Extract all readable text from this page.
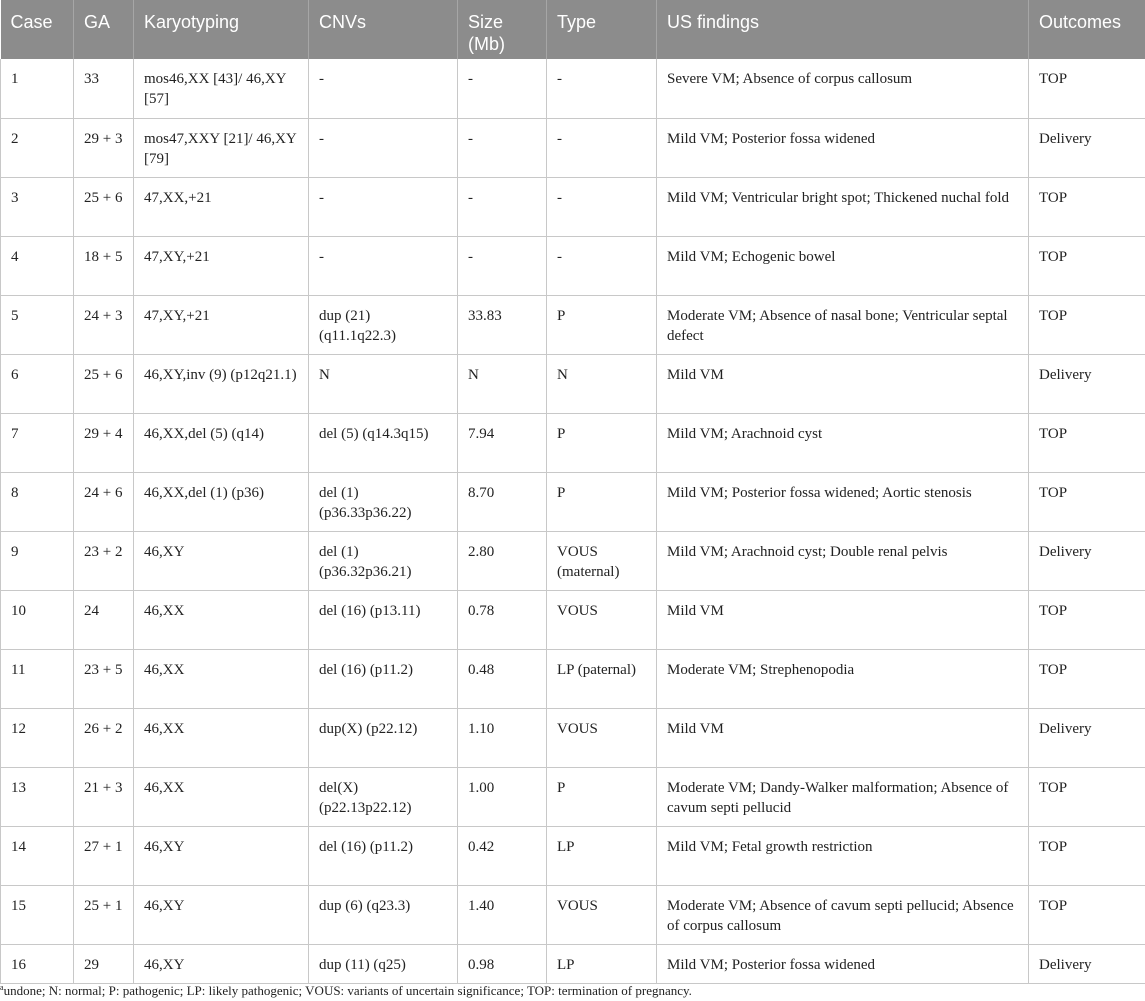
Case	GA	Karyotyping	CNVs	Size (Mb)	Type	US findings	Outcomes
1	33	mos46,XX [43]/ 46,XY [57]	-	-	-	Severe VM; Absence of corpus callosum	TOP
2	29 + 3	mos47,XXY [21]/ 46,XY [79]	-	-	-	Mild VM; Posterior fossa widened	Delivery
3	25 + 6	47,XX,+21	-	-	-	Mild VM; Ventricular bright spot; Thickened nuchal fold	TOP
4	18 + 5	47,XY,+21	-	-	-	Mild VM; Echogenic bowel	TOP
5	24 + 3	47,XY,+21	dup (21) (q11.1q22.3)	33.83	P	Moderate VM; Absence of nasal bone; Ventricular septal defect	TOP
6	25 + 6	46,XY,inv (9) (p12q21.1)	N	N	N	Mild VM	Delivery
7	29 + 4	46,XX,del (5) (q14)	del (5) (q14.3q15)	7.94	P	Mild VM; Arachnoid cyst	TOP
8	24 + 6	46,XX,del (1) (p36)	del (1) (p36.33p36.22)	8.70	P	Mild VM; Posterior fossa widened; Aortic stenosis	TOP
9	23 + 2	46,XY	del (1) (p36.32p36.21)	2.80	VOUS (maternal)	Mild VM; Arachnoid cyst; Double renal pelvis	Delivery
10	24	46,XX	del (16) (p13.11)	0.78	VOUS	Mild VM	TOP
11	23 + 5	46,XX	del (16) (p11.2)	0.48	LP (paternal)	Moderate VM; Strephenopodia	TOP
12	26 + 2	46,XX	dup(X) (p22.12)	1.10	VOUS	Mild VM	Delivery
13	21 + 3	46,XX	del(X) (p22.13p22.12)	1.00	P	Moderate VM; Dandy-Walker malformation; Absence of cavum septi pellucid	TOP
14	27 + 1	46,XY	del (16) (p11.2)	0.42	LP	Mild VM; Fetal growth restriction	TOP
15	25 + 1	46,XY	dup (6) (q23.3)	1.40	VOUS	Moderate VM; Absence of cavum septi pellucid; Absence of corpus callosum	TOP
16	29	46,XY	dup (11) (q25)	0.98	LP	Mild VM; Posterior fossa widened	Delivery
$^a$undone; N: normal; P: pathogenic; LP: likely pathogenic; VOUS: variants of uncertain significance; TOP: termination of pregnancy.
